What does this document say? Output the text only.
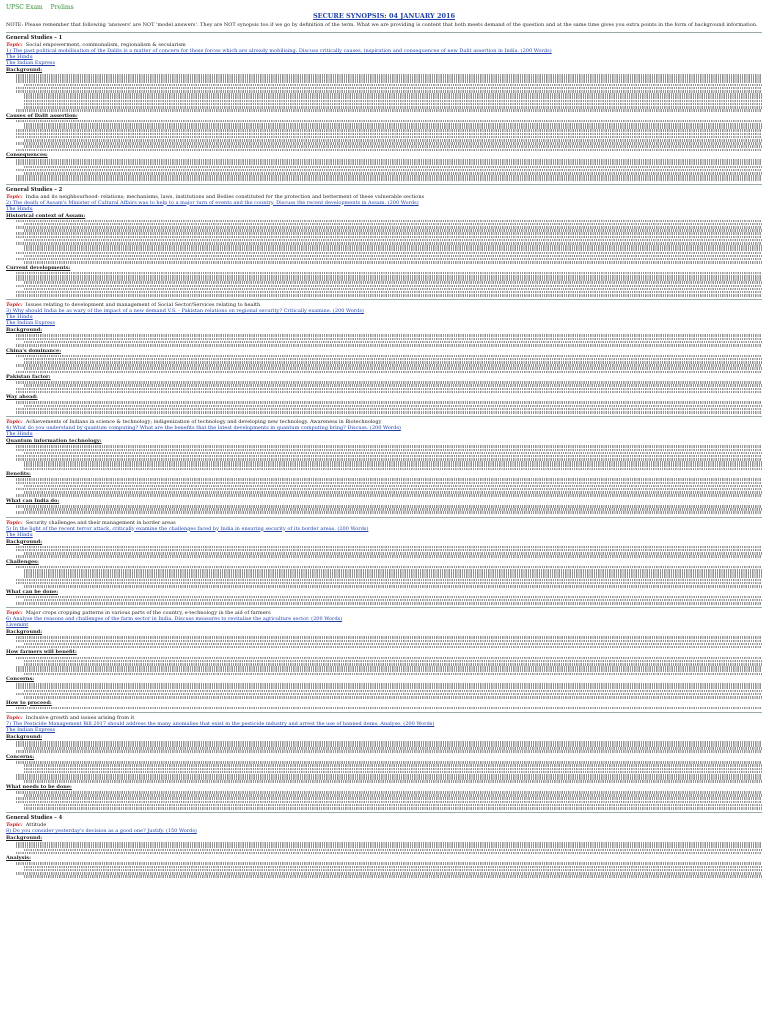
UPSC Exam Prelims
SECURE SYNOPSIS: 04 JANUARY 2016
NOTE: Please remember that following 'answers' are NOT 'model answers'. They are NOT synopsis too if we go by definition of the term. What we are providing is content that both meets demand of the question and at the same time gives you extra points in the form of background information.
General Studies – 1
Topic: Social empowerment, communalism, regionalism & secularism
1) The past political mobilisation of the Dalits is a matter of concern for these forces which are already mobilising. Discuss critically causes, inspiration and consequences of new Dalit assertion in India. (200 Words)
The Hindu
The Indian Express
Background:
Causes of Dalit assertion:
Consequences:
General Studies – 2
Topic: India and its neighbourhood- relations; mechanisms, laws, institutions and Bodies constituted for the protection and betterment of these vulnerable sections
2) The death of Assam's Minister of Cultural Affairs was to help to a major turn of events and the country. Discuss the recent developments in Assam. (200 Words)
The Hindu
Historical context of Assam:
Current developments:
Topic: Issues relating to development and management of Social Sector/Services relating to health
3) Why should India be as wary of the impact of a new demand V.S. - Pakistan relations on regional security? Critically examine. (200 Words)
The Hindu
The Indian Express
Background:
China's dominance:
Pakistan factor:
Way ahead:
Topic: Achievements of Indians in science & technology; indigenization of technology and developing new technology. Awareness in Biotechnology
4) What do you understand by quantum computing? What are the benefits that the latest developments in quantum computing bring? Discuss. (200 Words)
The Hindu
Quantum information technology:
Benefits:
What can India do:
Topic: Security challenges and their management in border areas
5) In the light of the recent terror attack, critically examine the challenges faced by India in ensuring security of its border areas. (200 Words)
The Hindu
Background:
Challenges:
What can be done:
Topic: Major crops cropping patterns in various parts of the country, e-technology in the aid of farmers
6) Analyse the reasons and challenges of the farm sector in India. Discuss measures to revitalise the agriculture sector. (200 Words)
Livemint
Background:
How farmers will benefit:
Concerns:
How to proceed:
Topic: Inclusive growth and issues arising from it
7) The Pesticide Management Bill 2017 should address the many anomalies that exist in the pesticide industry and arrest the use of banned items. Analyse. (200 Words)
The Indian Express
Background:
Concerns:
What needs to be done:
General Studies – 4
Topic: Attitude
8) Do you consider yesterday's decision as a good one? Justify. (150 Words)
Background:
Analysis:
